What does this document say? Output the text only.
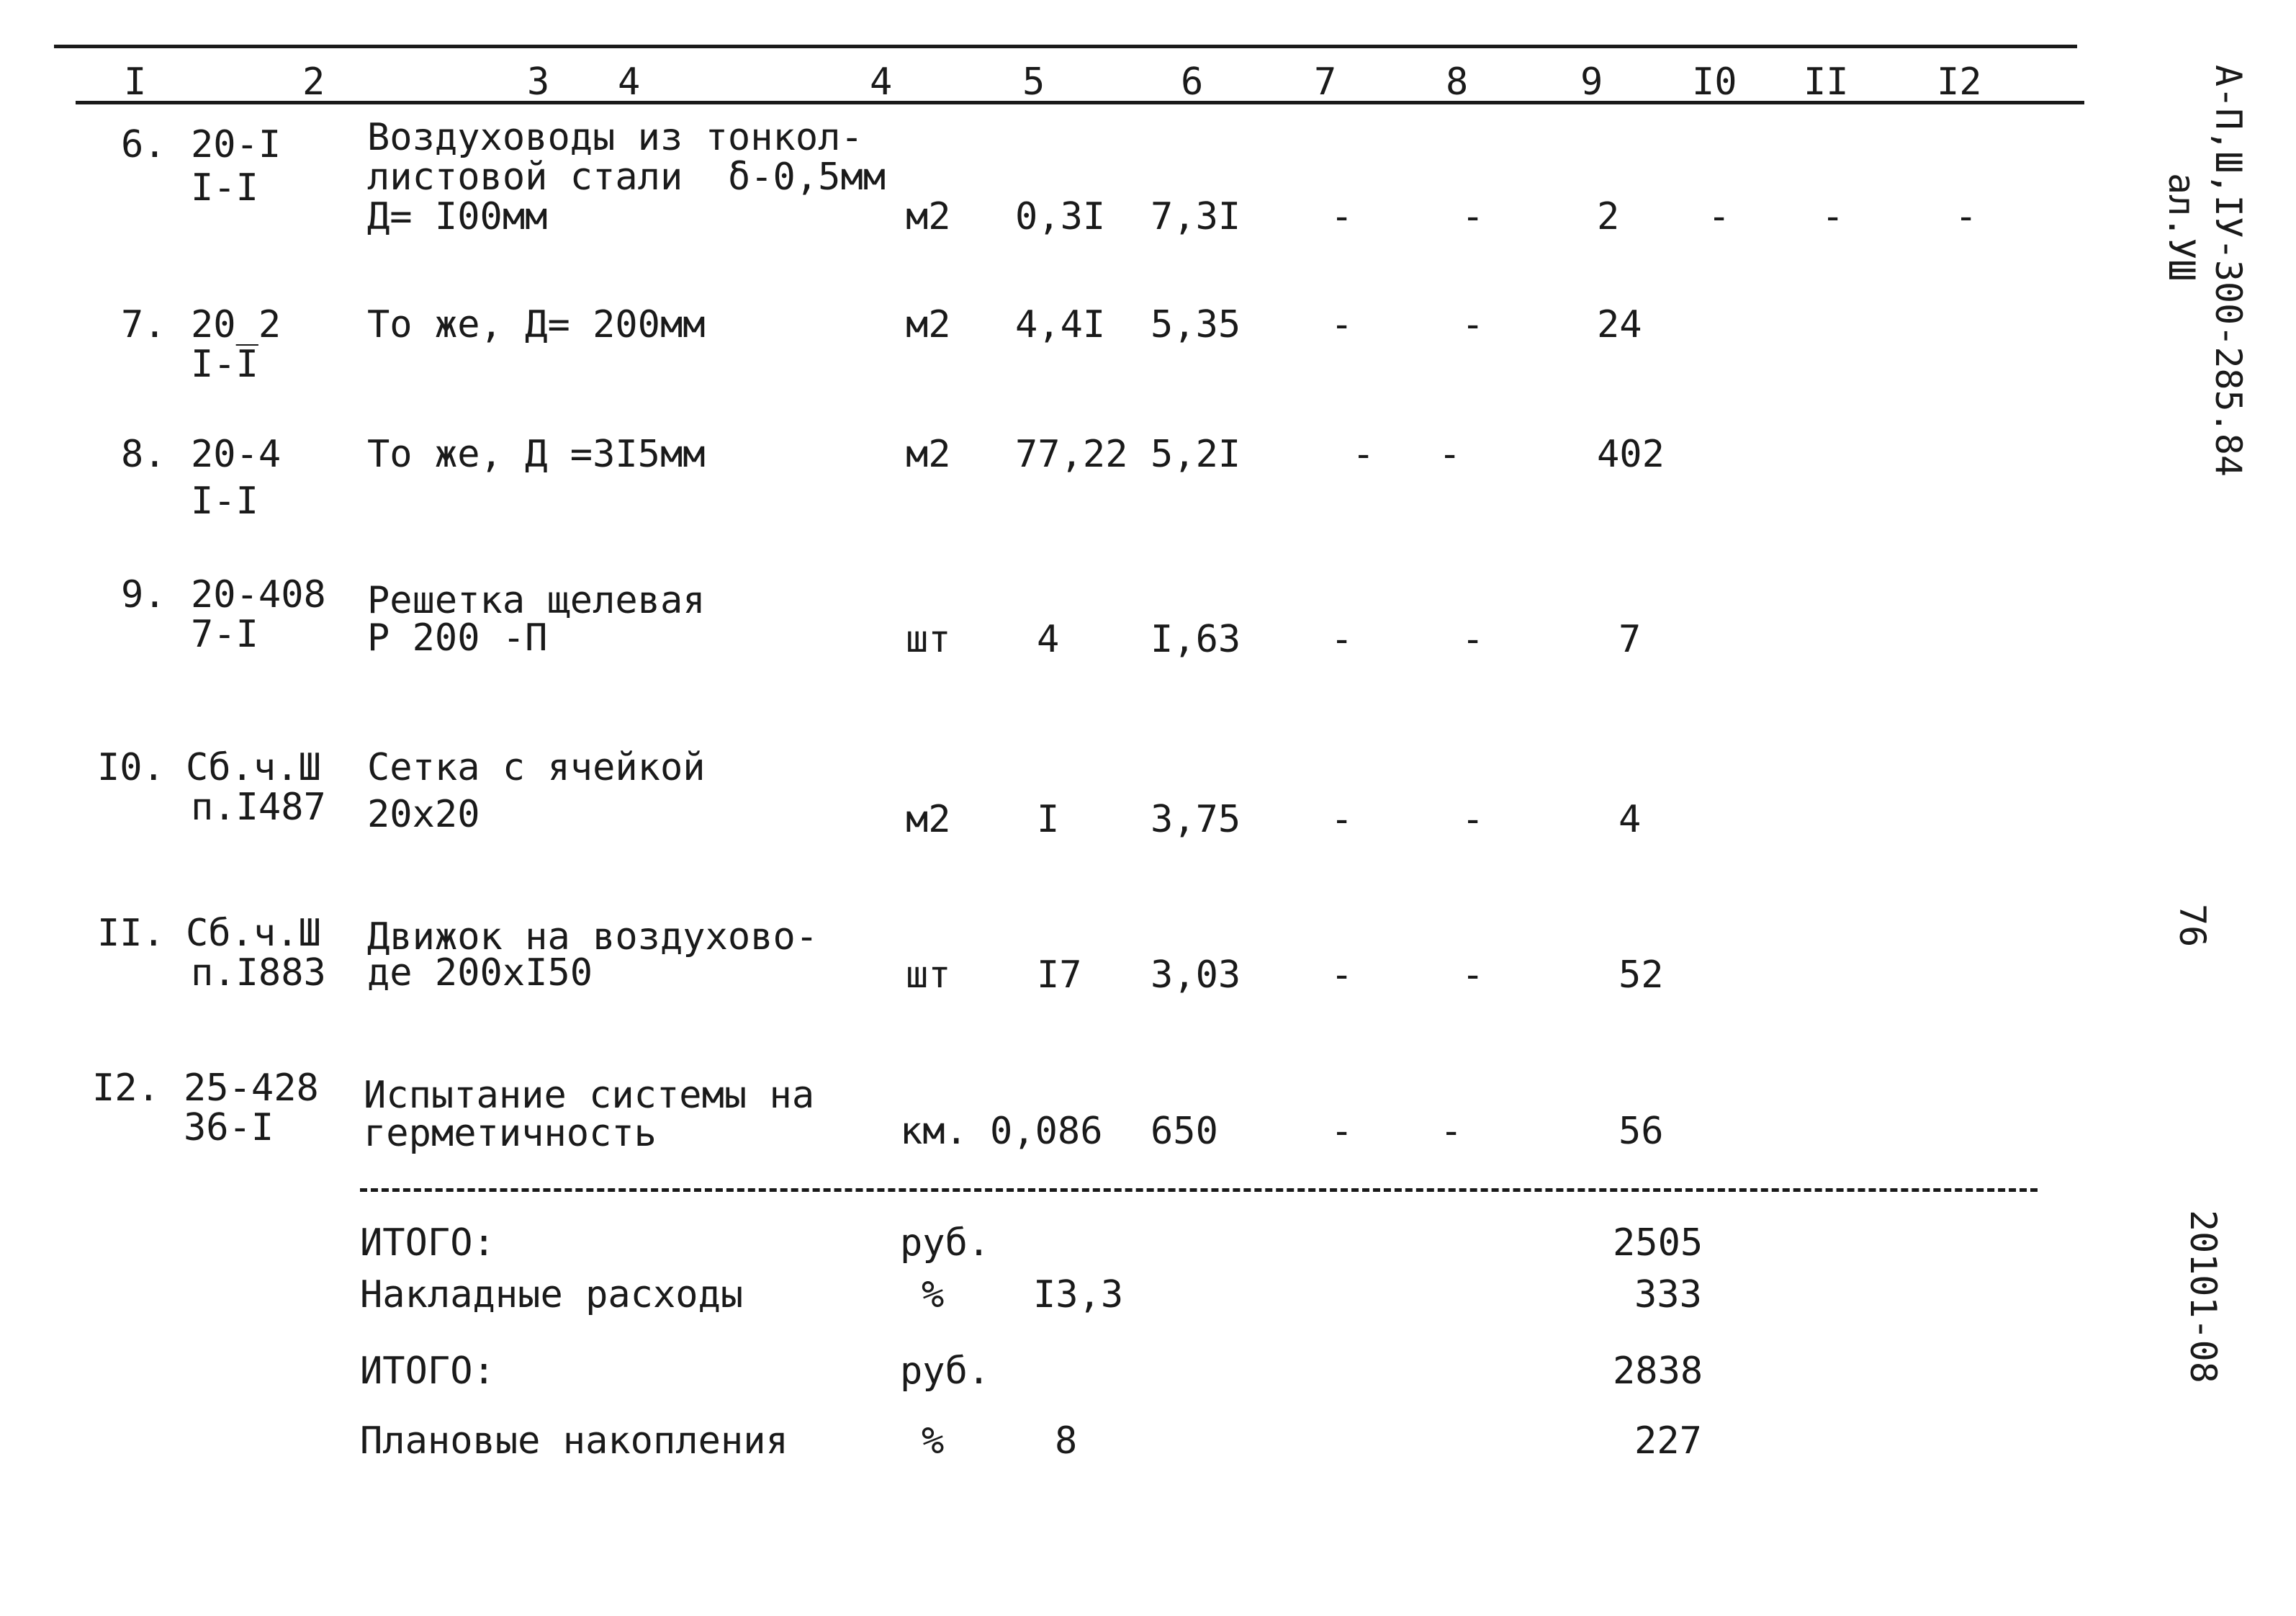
I	2	3 4	4	5	6	7	8	9 I0 II I2
6. 20-I
I-I
Воздуховоды из тонкол-
листовой стали  δ-0,5мм
Д= I00мм	м2 0,3I 7,3I -	-	2 - -	-
7. 20_2
I-I
То же, Д= 200мм	м2 4,4I 5,35 -	-	24
8. 20-4
I-I
То же, Д =3I5мм	м2 77,22 5,2I	- -	402
9. 20-408
7-I
Решетка щелевая
Р 200 -П	шт 4 I,63 -	-	7
I0. Сб.ч.Ш
п.I487
Сетка с ячейкой
20х20	м2 I 3,75 -	-	4
II. Сб.ч.Ш
п.I883
Движок на воздухово-
де 200хI50	шт I7 3,03 -	-	52
I2. 25-428
36-I
Испытание системы на
герметичность	км. 0,086 650	- -	56
ИТОГО:	руб.	2505
Накладные расходы	% I3,3	333
ИТОГО:	руб.	2838
Плановые накопления	%	8	227
А-П,Ш,IУ-300-285.84
ал.УШ
76
20101-08
